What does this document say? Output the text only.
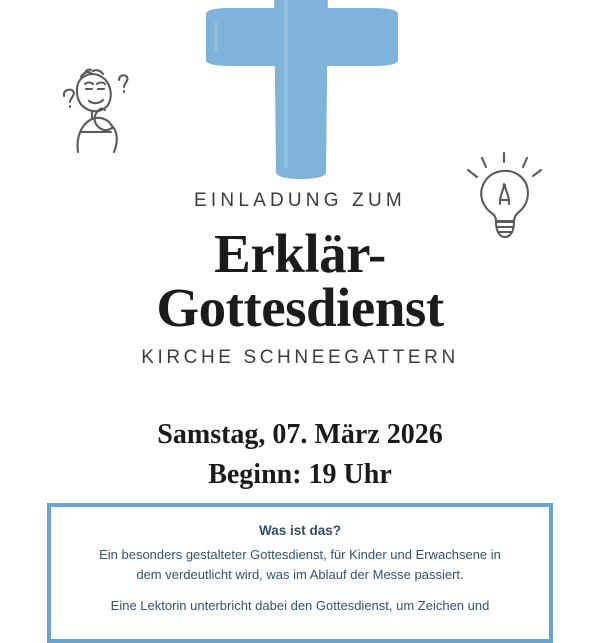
EINLADUNG ZUM
Erklär-
Gottesdienst
KIRCHE SCHNEEGATTERN
Samstag, 07. März 2026
Beginn: 19 Uhr
Was ist das?

Ein besonders gestalteter Gottesdienst, für Kinder und Erwachsene in dem verdeutlicht wird, was im Ablauf der Messe passiert.

Eine Lektorin unterbricht dabei den Gottesdienst, um Zeichen und
